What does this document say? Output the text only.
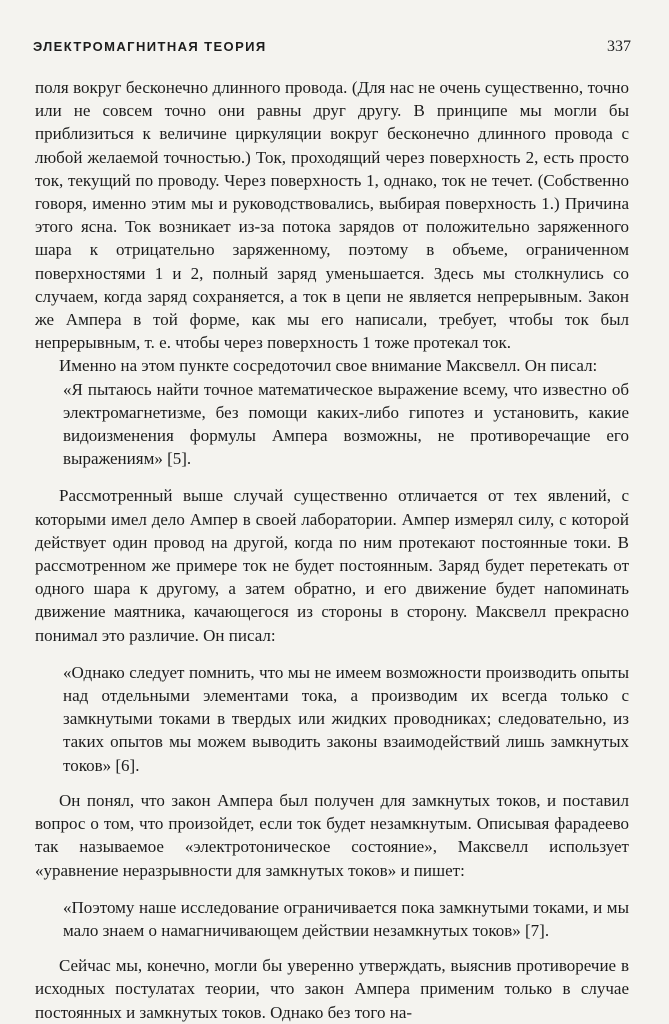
ЭЛЕКТРОМАГНИТНАЯ ТЕОРИЯ	337

поля вокруг бесконечно длинного провода. (Для нас не очень существенно, точно или не совсем точно они равны друг другу. В принципе мы могли бы приблизиться к величине циркуляции вокруг бесконечно длинного провода с любой желаемой точностью.) Ток, проходящий через поверхность 2, есть просто ток, текущий по проводу. Через поверхность 1, однако, ток не течет. (Собственно говоря, именно этим мы и руководствовались, выбирая поверхность 1.) Причина этого ясна. Ток возникает из-за потока зарядов от положительно заряженного шара к отрицательно заряженному, поэтому в объеме, ограниченном поверхностями 1 и 2, полный заряд уменьшается. Здесь мы столкнулись со случаем, когда заряд сохраняется, а ток в цепи не является непрерывным. Закон же Ампера в той форме, как мы его написали, требует, чтобы ток был непрерывным, т. е. чтобы через поверхность 1 тоже протекал ток.

Именно на этом пункте сосредоточил свое внимание Максвелл. Он писал:

«Я пытаюсь найти точное математическое выражение всему, что известно об электромагнетизме, без помощи каких-либо гипотез и установить, какие видоизменения формулы Ампера возможны, не противоречащие его выражениям» [5].

Рассмотренный выше случай существенно отличается от тех явлений, с которыми имел дело Ампер в своей лаборатории. Ампер измерял силу, с которой действует один провод на другой, когда по ним протекают постоянные токи. В рассмотренном же примере ток не будет постоянным. Заряд будет перетекать от одного шара к другому, а затем обратно, и его движение будет напоминать движение маятника, качающегося из стороны в сторону. Максвелл прекрасно понимал это различие. Он писал:

«Однако следует помнить, что мы не имеем возможности производить опыты над отдельными элементами тока, а производим их всегда только с замкнутыми токами в твердых или жидких проводниках; следовательно, из таких опытов мы можем выводить законы взаимодействий лишь замкнутых токов» [6].

Он понял, что закон Ампера был получен для замкнутых токов, и поставил вопрос о том, что произойдет, если ток будет незамкнутым. Описывая фарадеево так называемое «электротоническое состояние», Максвелл использует «уравнение неразрывности для замкнутых токов» и пишет:

«Поэтому наше исследование ограничивается пока замкнутыми токами, и мы мало знаем о намагничивающем действии незамкнутых токов» [7].

Сейчас мы, конечно, могли бы уверенно утверждать, выяснив противоречие в исходных постулатах теории, что закон Ампера применим только в случае постоянных и замкнутых токов. Однако без того на-
